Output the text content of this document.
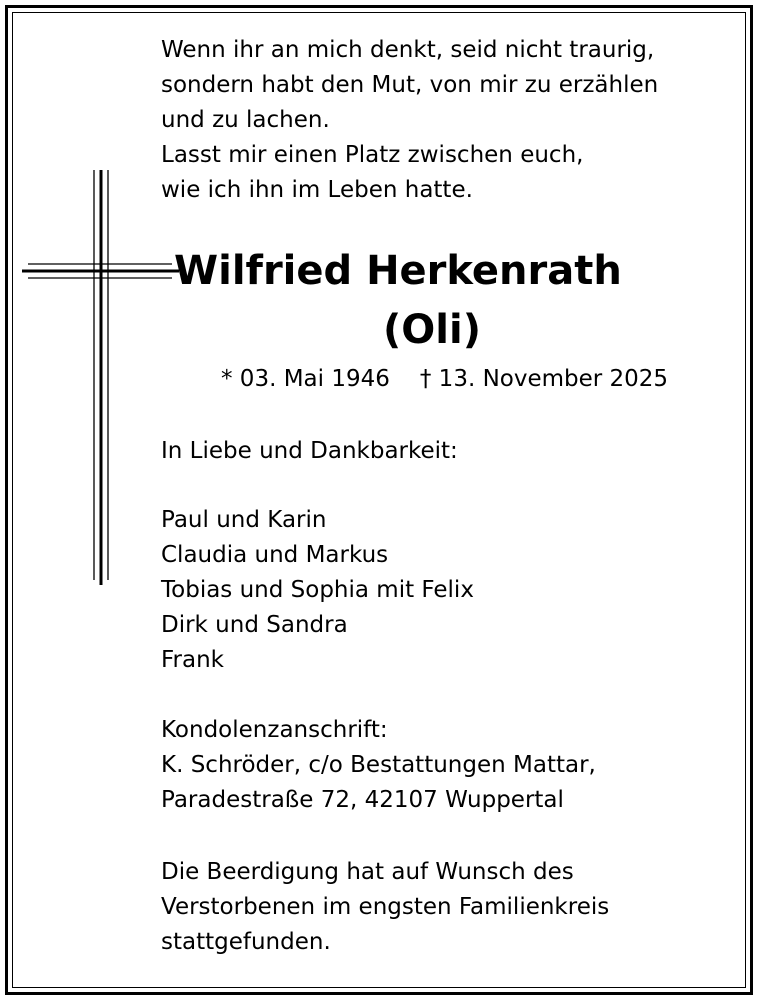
Wenn ihr an mich denkt, seid nicht traurig,
sondern habt den Mut, von mir zu erzählen
und zu lachen.
Lasst mir einen Platz zwischen euch,
wie ich ihn im Leben hatte.
Wilfried Herkenrath
(Oli)
* 03. Mai 1946 † 13. November 2025
In Liebe und Dankbarkeit:
Paul und Karin
Claudia und Markus
Tobias und Sophia mit Felix
Dirk und Sandra
Frank
Kondolenzanschrift:
K. Schröder, c/o Bestattungen Mattar,
Paradestraße 72, 42107 Wuppertal
Die Beerdigung hat auf Wunsch des
Verstorbenen im engsten Familienkreis
stattgefunden.
